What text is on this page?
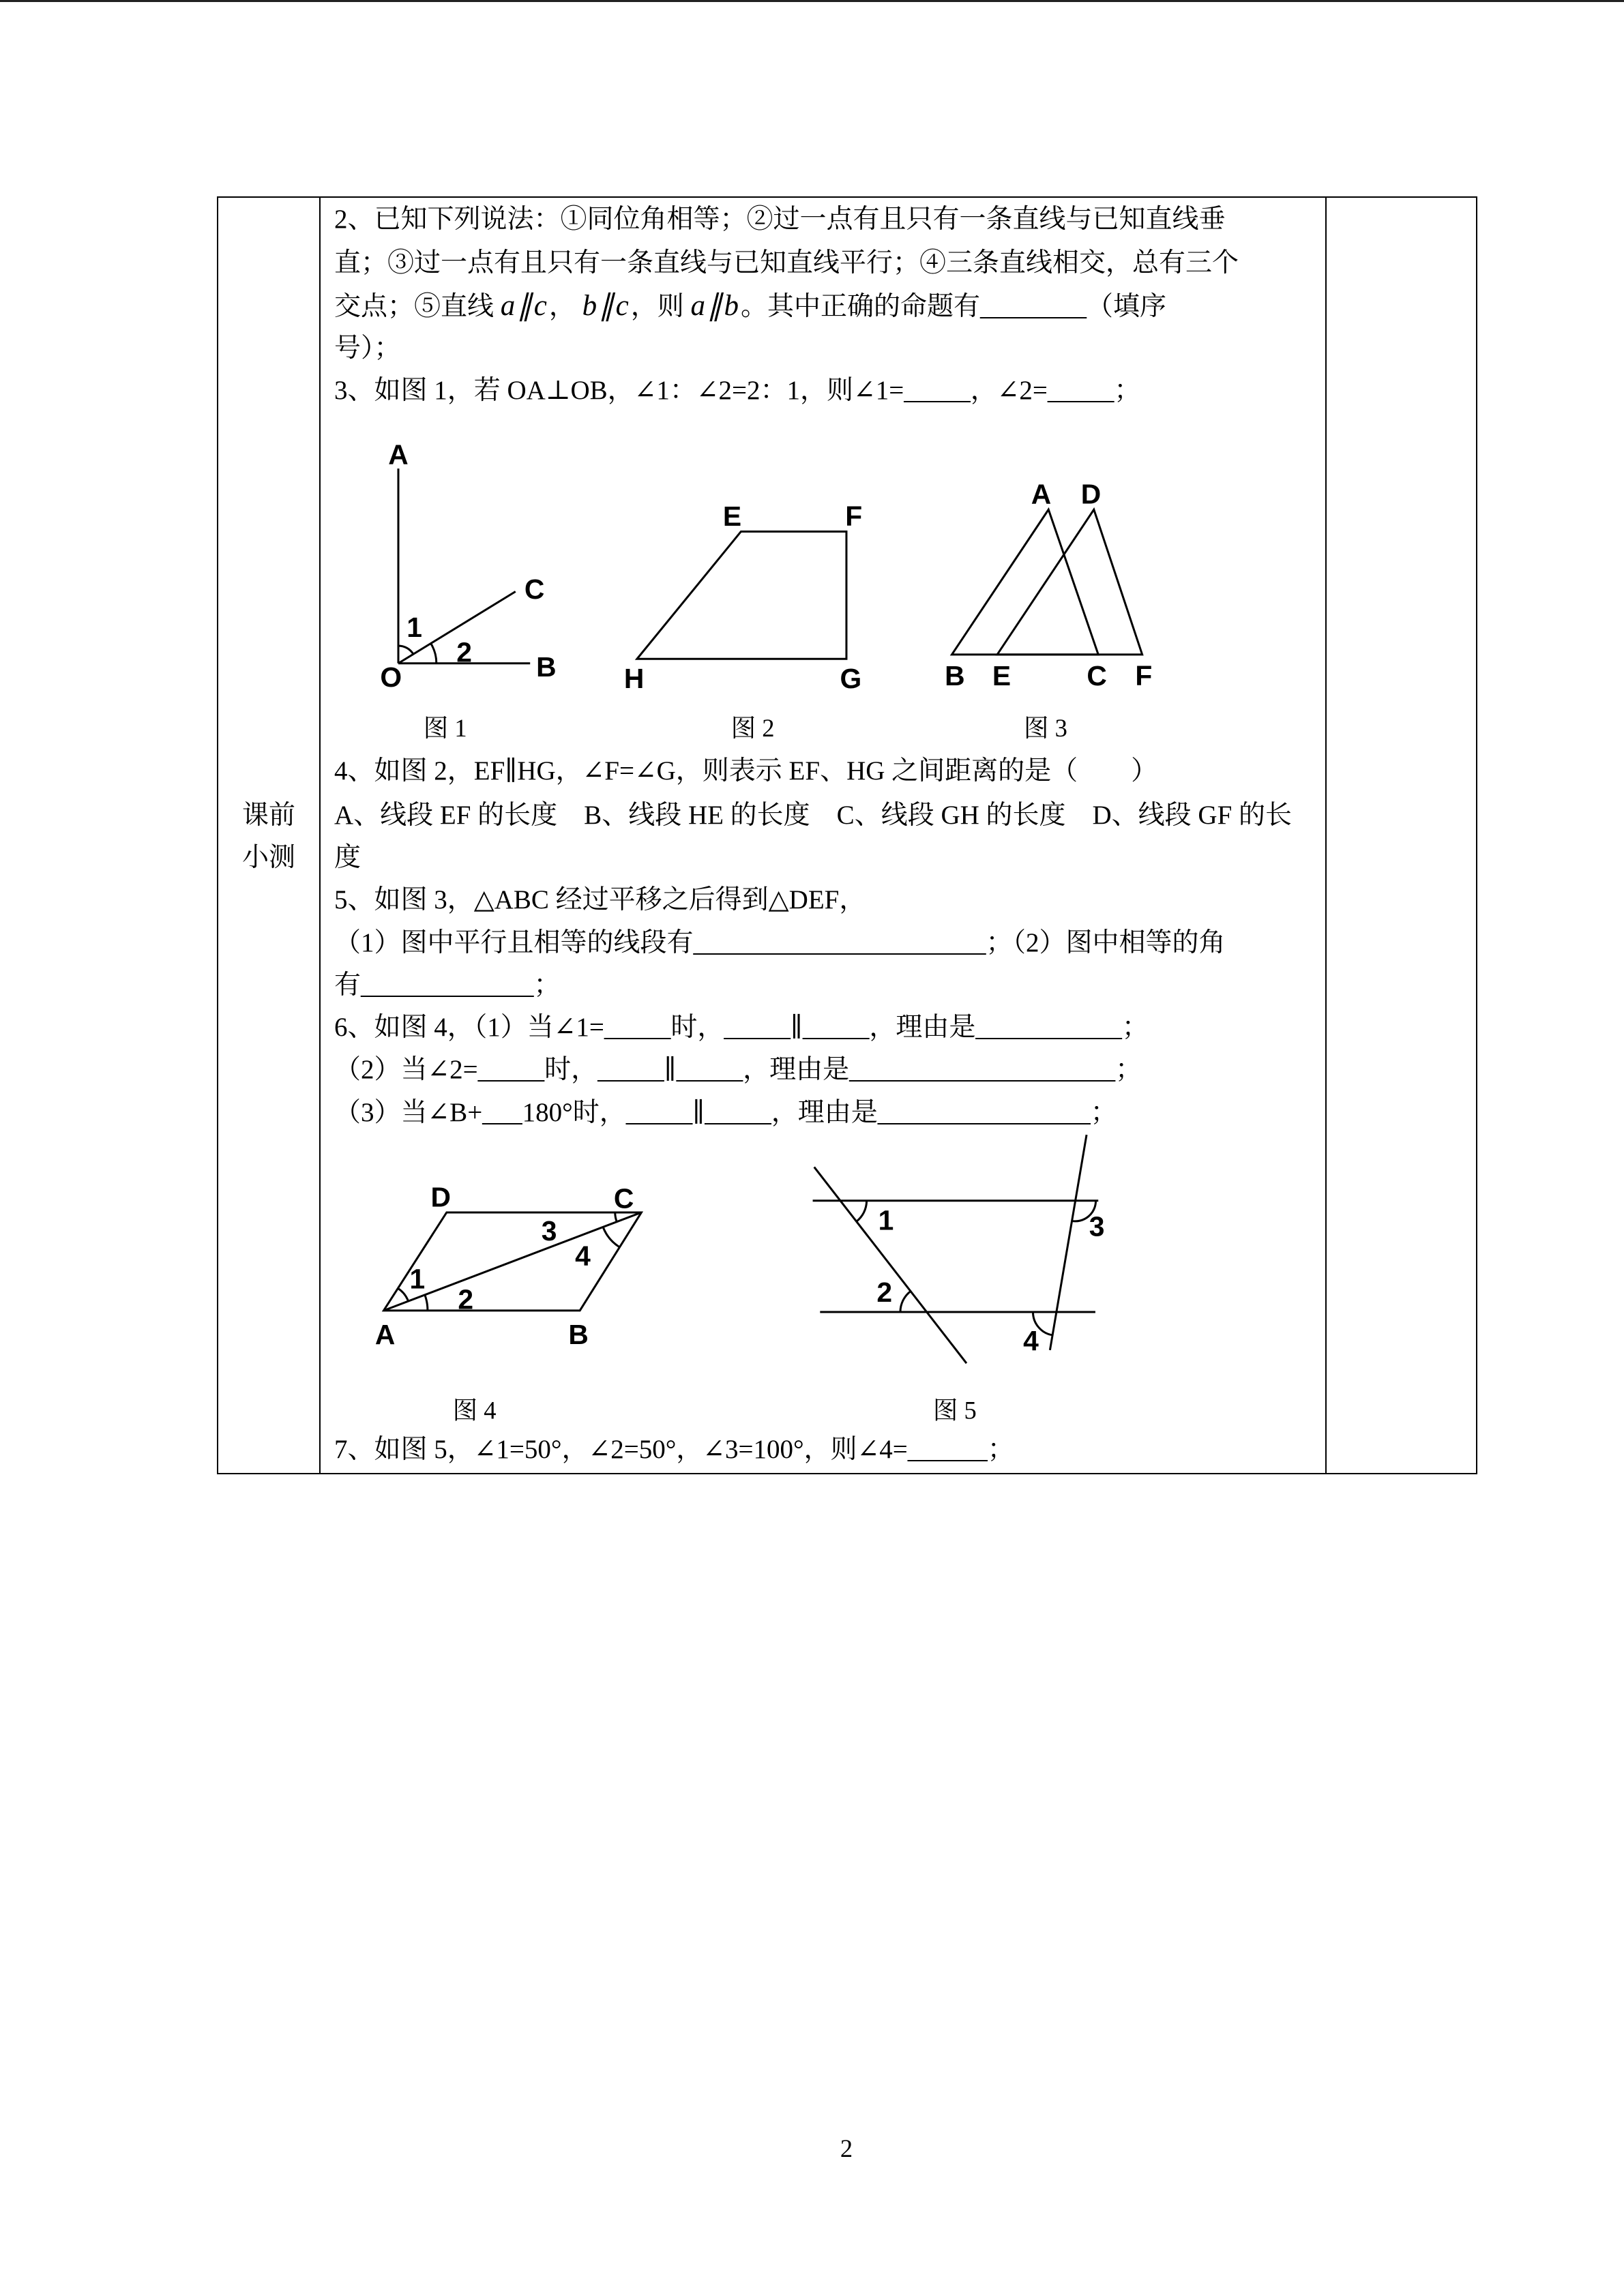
课前
小测
2、已知下列说法：①同位角相等；②过一点有且只有一条直线与已知直线垂
直；③过一点有且只有一条直线与已知直线平行；④三条直线相交，总有三个
交点；⑤直线 a∥c， b∥c，则 a∥b。其中正确的命题有________（填序
号）；
3、如图 1，若 OA⊥OB，∠1：∠2=2：1，则∠1=_____，∠2=_____；
4、如图 2，EF∥HG，∠F=∠G，则表示 EF、HG 之间距离的是（　　）
A、线段 EF 的长度　B、线段 HE 的长度　C、线段 GH 的长度　D、线段 GF 的长
度
5、如图 3，△ABC 经过平移之后得到△DEF，
（1）图中平行且相等的线段有______________________；（2）图中相等的角
有_____________；
6、如图 4，（1）当∠1=_____时，_____∥_____，理由是___________；
（2）当∠2=_____时，_____∥_____，理由是____________________；
（3）当∠B+___180°时，_____∥_____，理由是________________；
7、如图 5，∠1=50°，∠2=50°，∠3=100°，则∠4=______；
A
C
1
2
O	B
图 1
E	F
H	G
图 2
A D
B E	C F
图 3
D	C
A	B
3
4
1
2
图 4
1
2
3
4
图 5
2
